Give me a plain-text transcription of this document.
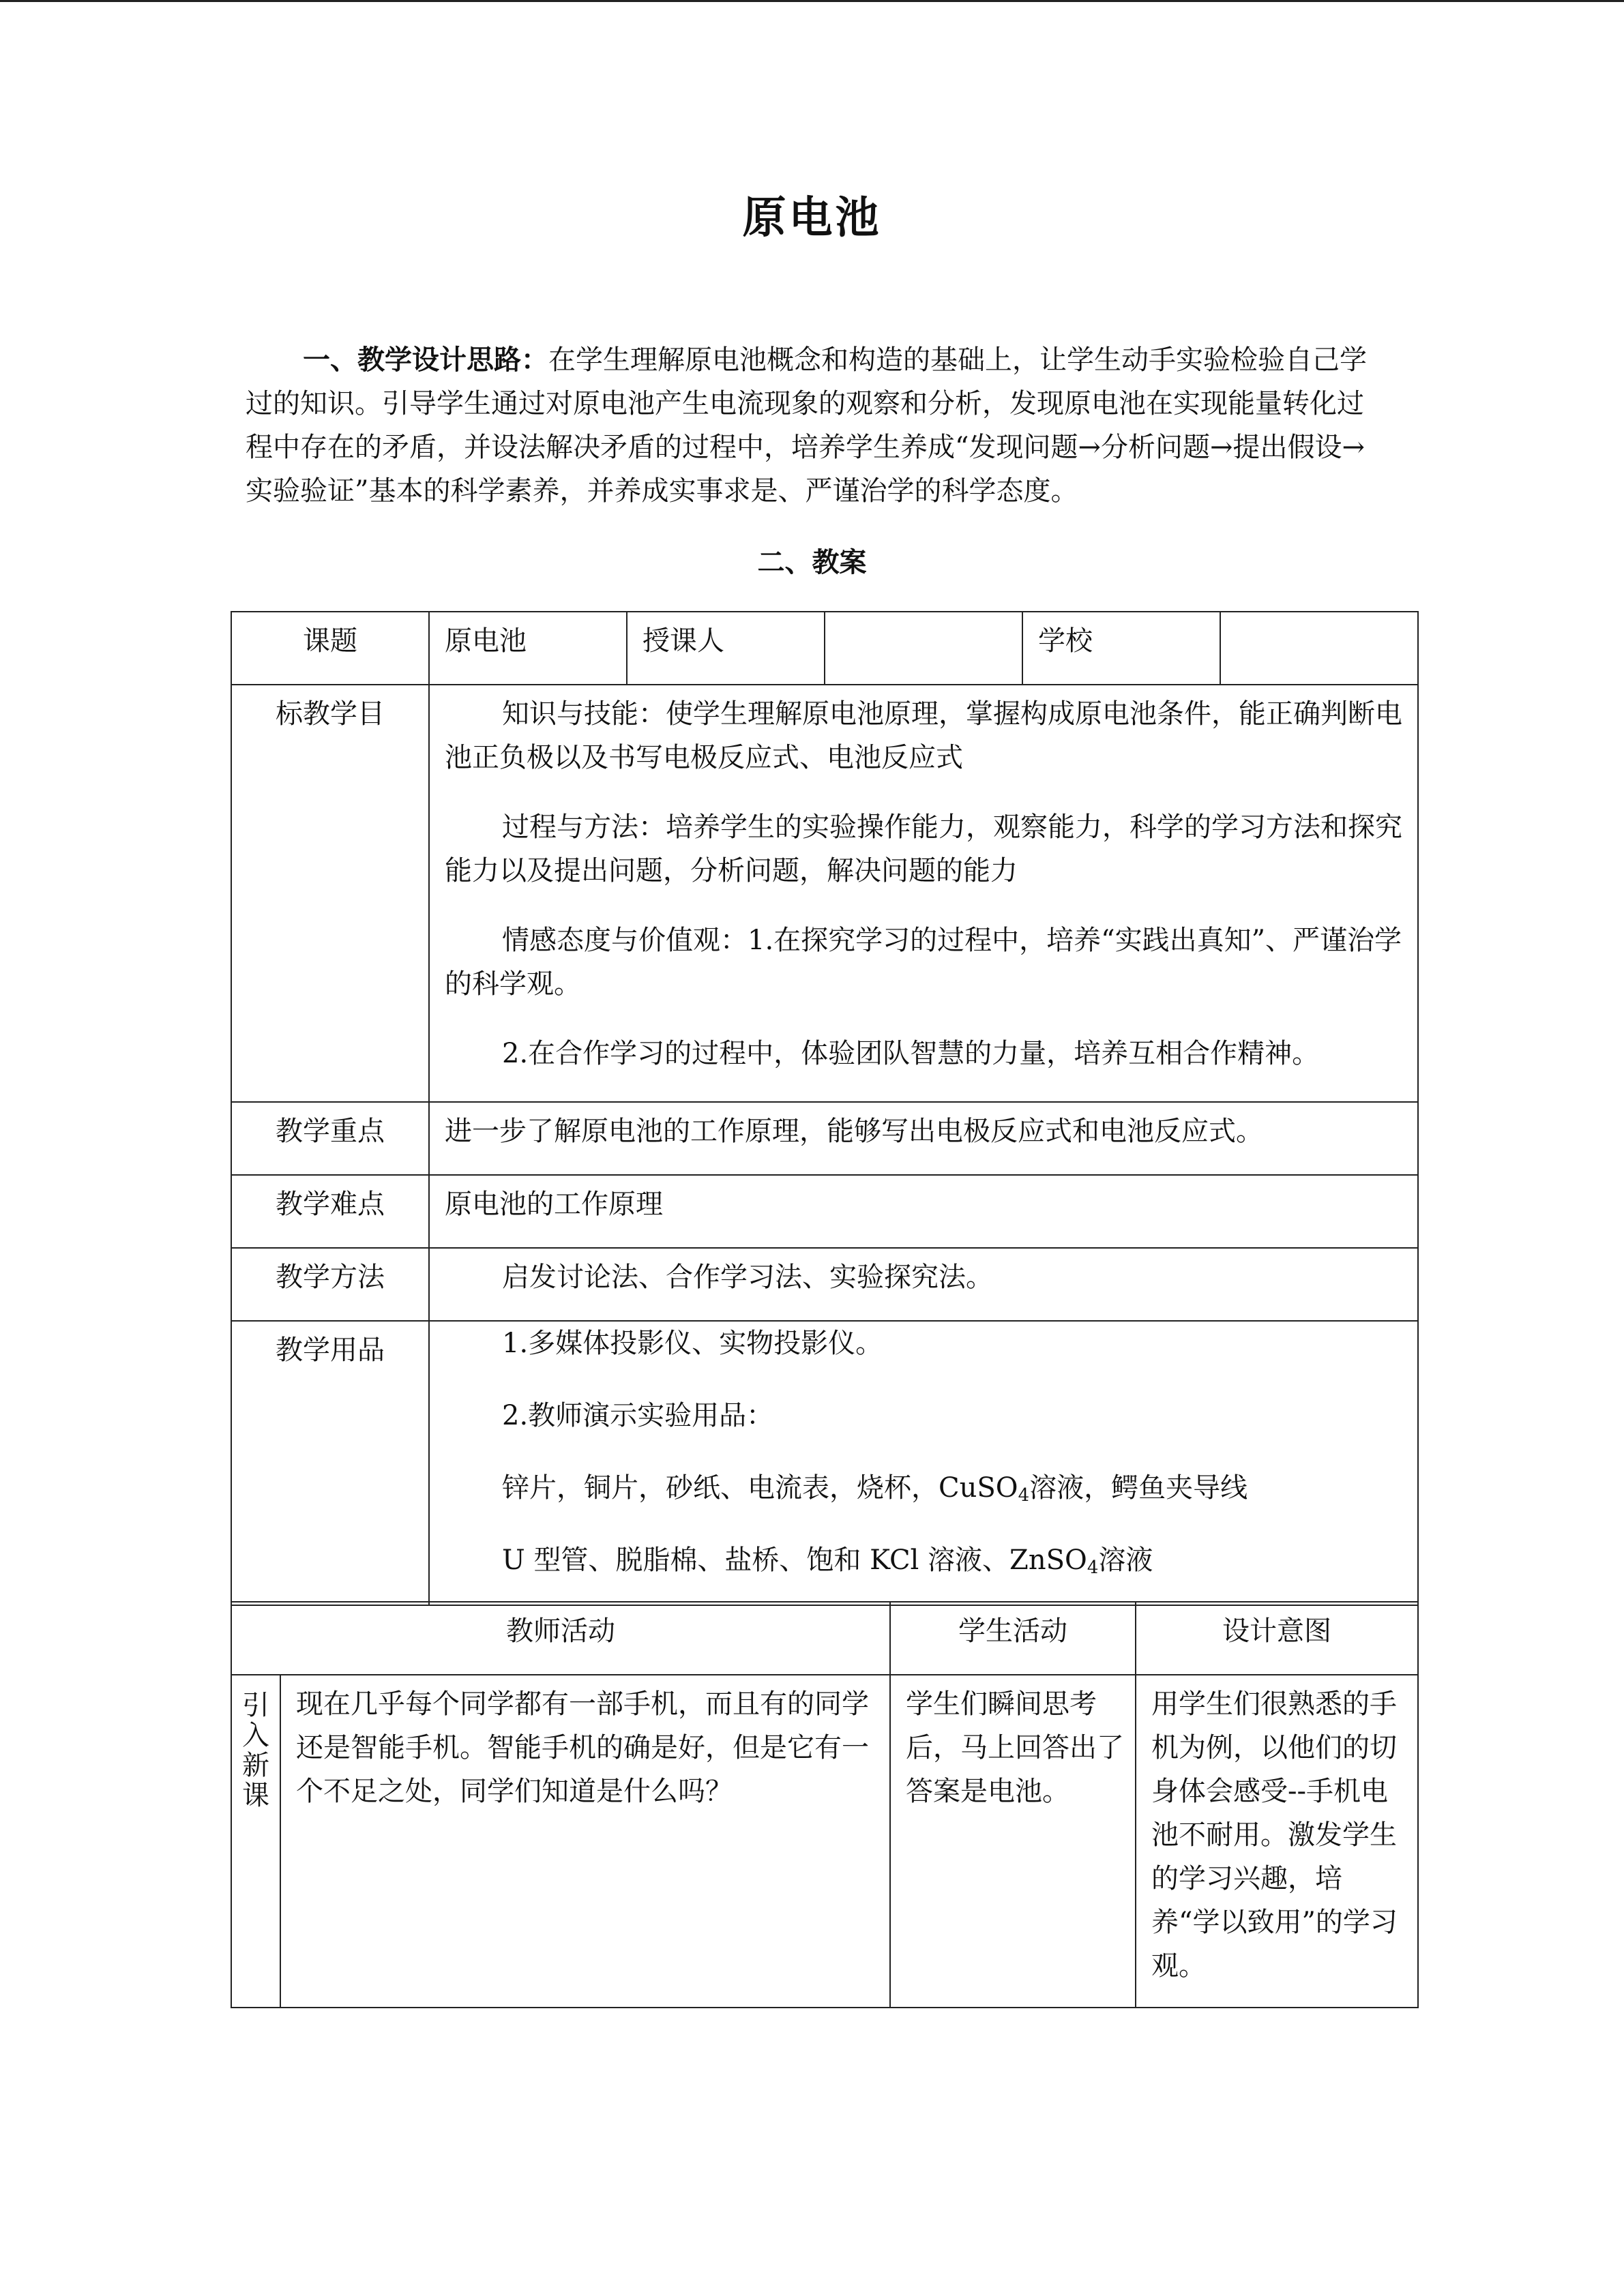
原电池

一、教学设计思路：在学生理解原电池概念和构造的基础上，让学生动手实验检验自己学过的知识。引导学生通过对原电池产生电流现象的观察和分析，发现原电池在实现能量转化过程中存在的矛盾，并设法解决矛盾的过程中，培养学生养成“发现问题→分析问题→提出假设→实验验证”基本的科学素养，并养成实事求是、严谨治学的科学态度。

二、教案
课题	原电池	授课人		学校	
标教学目	知识与技能：使学生理解原电池原理，掌握构成原电池条件，能正确判断电池正负极以及书写电极反应式、电池反应式

过程与方法：培养学生的实验操作能力，观察能力，科学的学习方法和探究能力以及提出问题，分析问题，解决问题的能力

情感态度与价值观：1.在探究学习的过程中，培养“实践出真知”、严谨治学的科学观。

2.在合作学习的过程中，体验团队智慧的力量，培养互相合作精神。				

教学重点	进一步了解原电池的工作原理，能够写出电极反应式和电池反应式。				
教学难点	原电池的工作原理				
教学方法	启发讨论法、合作学习法、实验探究法。				
教学用品	1.多媒体投影仪、实物投影仪。

2.教师演示实验用品：

锌片，铜片，砂纸、电流表，烧杯，CuSO$_4$溶液，鳄鱼夹导线

U 型管、脱脂棉、盐桥、饱和 KCl 溶液、ZnSO$_4$溶液				

教师活动		学生活动	设计意图

引
入
新
课	现在几乎每个同学都有一部手机，而且有的同学还是智能手机。智能手机的确是好，但是它有一个不足之处，同学们知道是什么吗？	学生们瞬间思考后，马上回答出了答案是电池。	用学生们很熟悉的手机为例，以他们的切身体会感受--手机电池不耐用。激发学生的学习兴趣，培养“学以致用”的学习观。
